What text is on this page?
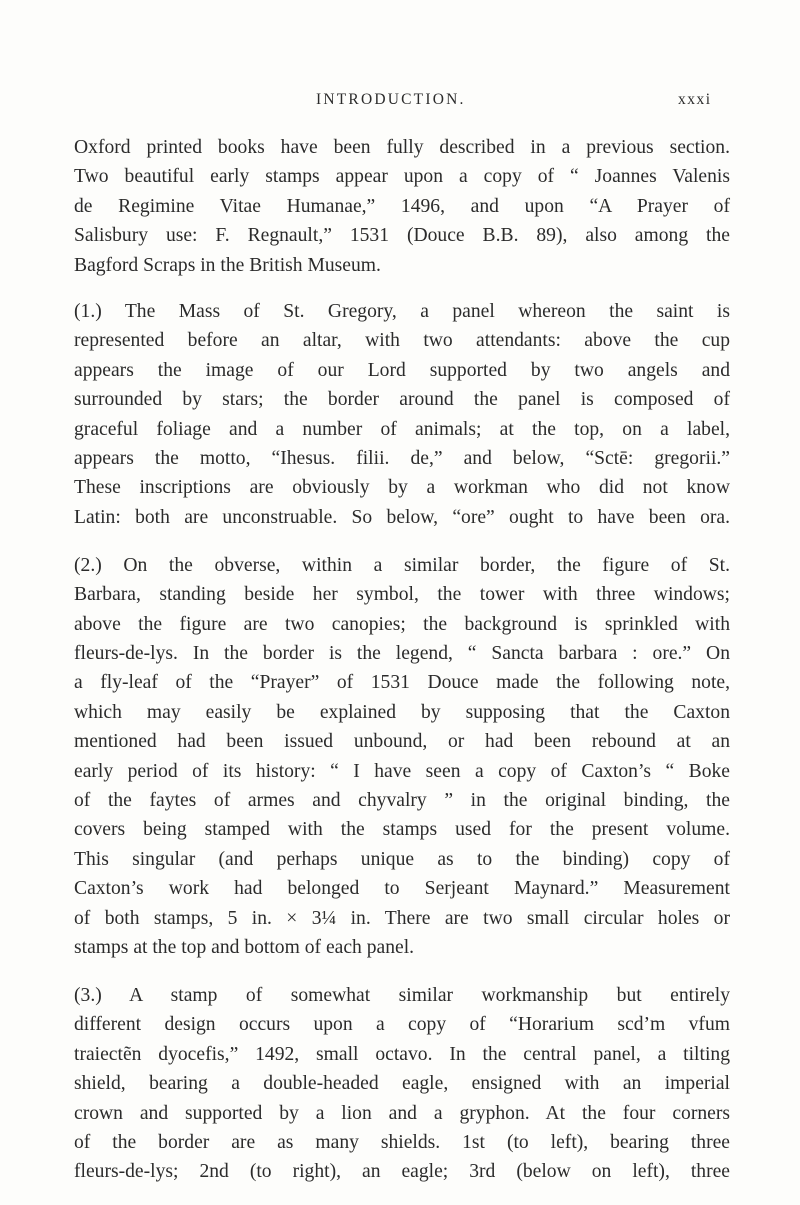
INTRODUCTION.	xxxi

Oxford printed books have been fully described in a previous section.
Two beautiful early stamps appear upon a copy of “ Joannes Valenis
de Regimine Vitae Humanae,” 1496, and upon “A Prayer of
Salisbury use: F. Regnault,” 1531 (Douce B.B. 89), also among the
Bagford Scraps in the British Museum.

(1.) The Mass of St. Gregory, a panel whereon the saint is
represented before an altar, with two attendants: above the cup
appears the image of our Lord supported by two angels and
surrounded by stars; the border around the panel is composed of
graceful foliage and a number of animals; at the top, on a label,
appears the motto, “Ihesus. filii. de,” and below, “Sctē: gregorii.”
These inscriptions are obviously by a workman who did not know
Latin: both are unconstruable. So below, “ore” ought to have been ora.

(2.) On the obverse, within a similar border, the figure of St.
Barbara, standing beside her symbol, the tower with three windows;
above the figure are two canopies; the background is sprinkled with
fleurs-de-lys. In the border is the legend, “ Sancta barbara : ore.” On
a fly-leaf of the “Prayer” of 1531 Douce made the following note,
which may easily be explained by supposing that the Caxton
mentioned had been issued unbound, or had been rebound at an
early period of its history: “ I have seen a copy of Caxton’s “ Boke
of the faytes of armes and chyvalry ” in the original binding, the
covers being stamped with the stamps used for the present volume.
This singular (and perhaps unique as to the binding) copy of
Caxton’s work had belonged to Serjeant Maynard.” Measurement
of both stamps, 5 in. × 3¼ in. There are two small circular holes or
stamps at the top and bottom of each panel.

(3.) A stamp of somewhat similar workmanship but entirely
different design occurs upon a copy of “Horarium scd’m vfum
traiectẽn dyocefis,” 1492, small octavo. In the central panel, a tilting
shield, bearing a double-headed eagle, ensigned with an imperial
crown and supported by a lion and a gryphon. At the four corners
of the border are as many shields. 1st (to left), bearing three
fleurs-de-lys; 2nd (to right), an eagle; 3rd (below on left), three
